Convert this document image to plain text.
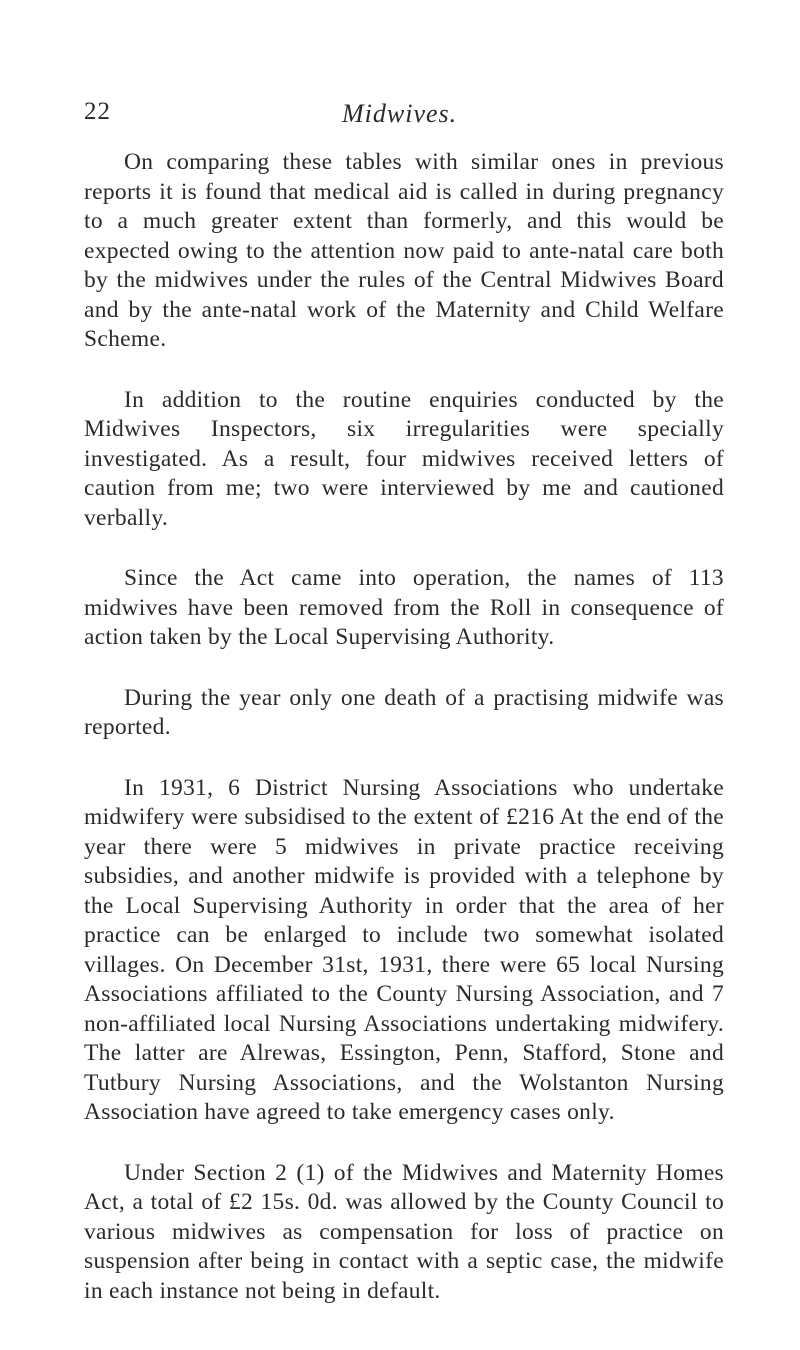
22	Midwives.

On comparing these tables with similar ones in previous reports it is found that medical aid is called in during pregnancy to a much greater extent than formerly, and this would be expected owing to the attention now paid to ante-natal care both by the midwives under the rules of the Central Midwives Board and by the ante-natal work of the Maternity and Child Welfare Scheme.

In addition to the routine enquiries conducted by the Midwives Inspectors, six irregularities were specially investigated. As a result, four midwives received letters of caution from me; two were interviewed by me and cautioned verbally.

Since the Act came into operation, the names of 113 midwives have been removed from the Roll in consequence of action taken by the Local Supervising Authority.

During the year only one death of a practising midwife was reported.

In 1931, 6 District Nursing Associations who undertake midwifery were subsidised to the extent of £216 At the end of the year there were 5 midwives in private practice receiving subsidies, and another midwife is provided with a telephone by the Local Supervising Authority in order that the area of her practice can be enlarged to include two somewhat isolated villages. On December 31st, 1931, there were 65 local Nursing Associations affiliated to the County Nursing Association, and 7 non-affiliated local Nursing Associations undertaking midwifery. The latter are Alrewas, Essington, Penn, Stafford, Stone and Tutbury Nursing Associations, and the Wolstanton Nursing Association have agreed to take emergency cases only.

Under Section 2 (1) of the Midwives and Maternity Homes Act, a total of £2 15s. 0d. was allowed by the County Council to various midwives as compensation for loss of practice on suspension after being in contact with a septic case, the midwife in each instance not being in default.
